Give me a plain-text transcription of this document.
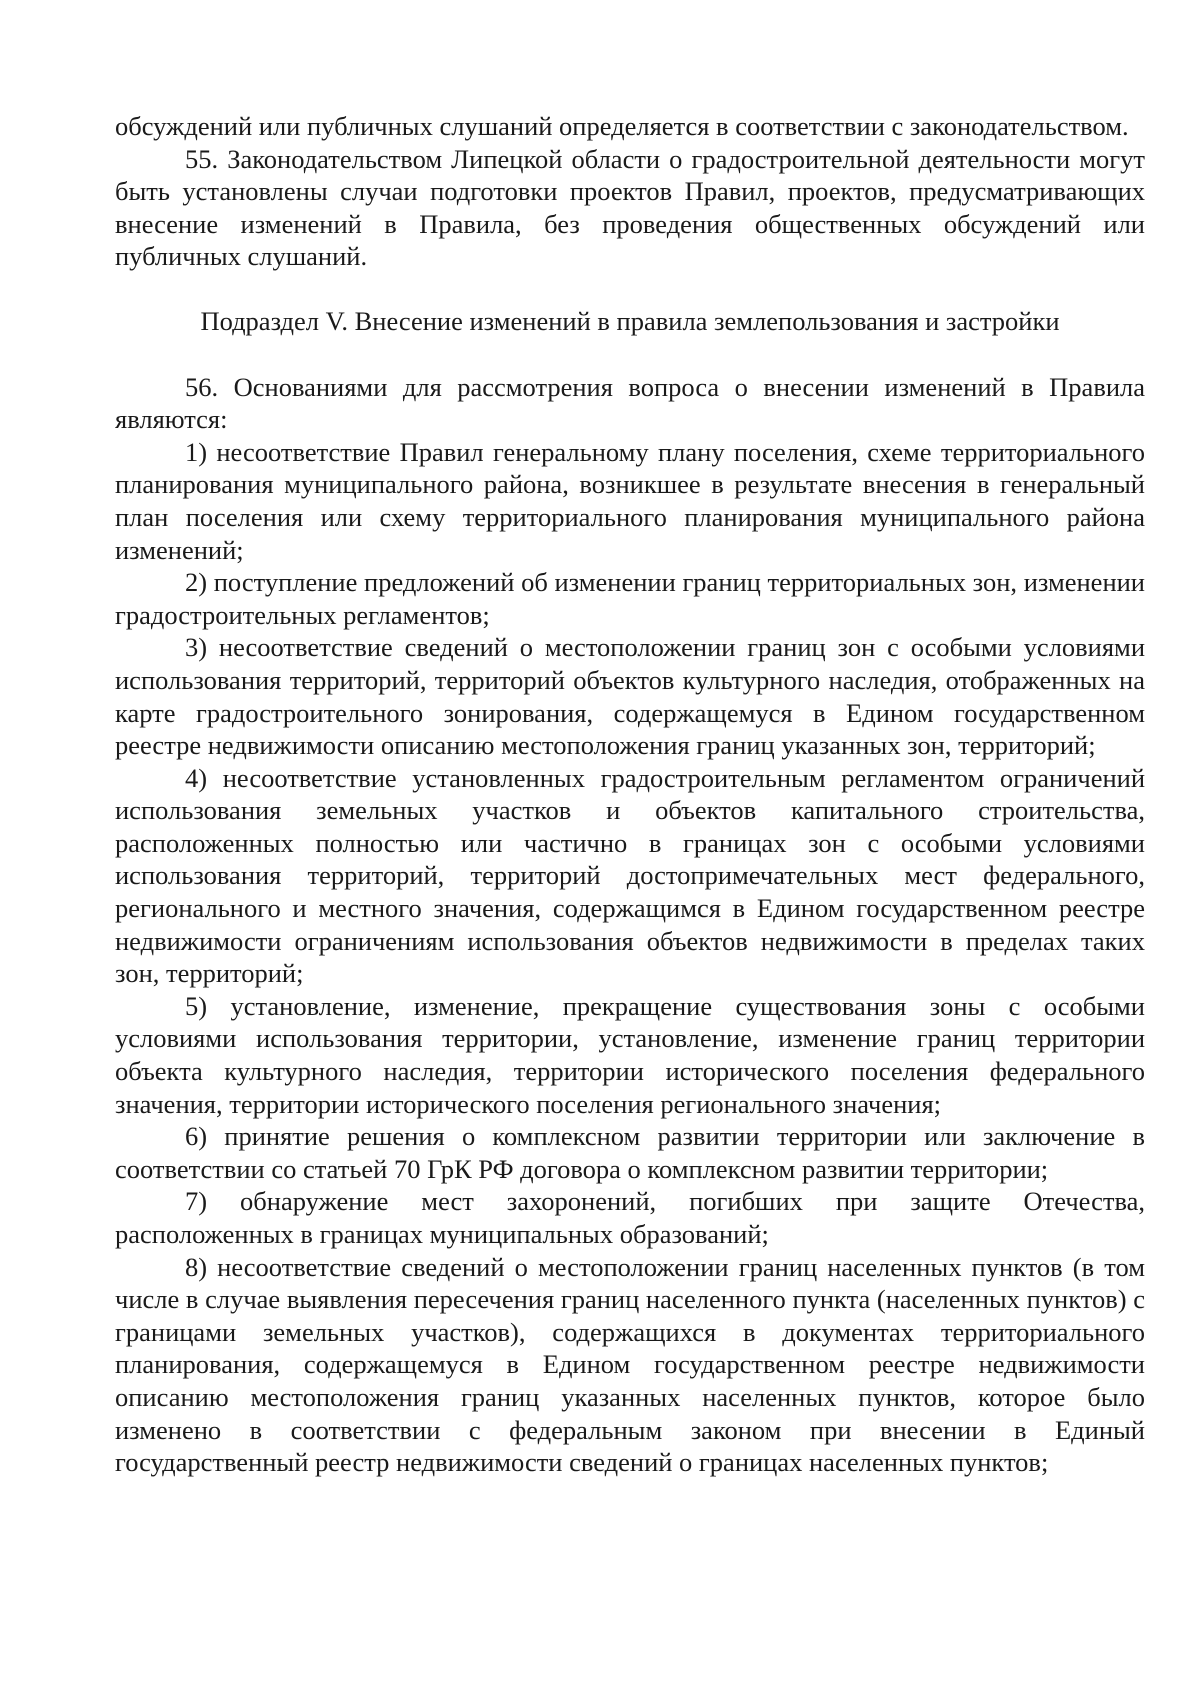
обсуждений или публичных слушаний определяется в соответствии с законодательством.

55. Законодательством Липецкой области о градостроительной деятельности могут быть установлены случаи подготовки проектов Правил, проектов, предусматривающих внесение изменений в Правила, без проведения общественных обсуждений или публичных слушаний.

Подраздел V. Внесение изменений в правила землепользования и застройки

56. Основаниями для рассмотрения вопроса о внесении изменений в Правила являются:

1) несоответствие Правил генеральному плану поселения, схеме территориального планирования муниципального района, возникшее в результате внесения в генеральный план поселения или схему территориального планирования муниципального района изменений;

2) поступление предложений об изменении границ территориальных зон, изменении градостроительных регламентов;

3) несоответствие сведений о местоположении границ зон с особыми условиями использования территорий, территорий объектов культурного наследия, отображенных на карте градостроительного зонирования, содержащемуся в Едином государственном реестре недвижимости описанию местоположения границ указанных зон, территорий;

4) несоответствие установленных градостроительным регламентом ограничений использования земельных участков и объектов капитального строительства, расположенных полностью или частично в границах зон с особыми условиями использования территорий, территорий достопримечательных мест федерального, регионального и местного значения, содержащимся в Едином государственном реестре недвижимости ограничениям использования объектов недвижимости в пределах таких зон, территорий;

5) установление, изменение, прекращение существования зоны с особыми условиями использования территории, установление, изменение границ территории объекта культурного наследия, территории исторического поселения федерального значения, территории исторического поселения регионального значения;

6) принятие решения о комплексном развитии территории или заключение в соответствии со статьей 70 ГрК РФ договора о комплексном развитии территории;

7) обнаружение мест захоронений, погибших при защите Отечества, расположенных в границах муниципальных образований;

8) несоответствие сведений о местоположении границ населенных пунктов (в том числе в случае выявления пересечения границ населенного пункта (населенных пунктов) с границами земельных участков), содержащихся в документах территориального планирования, содержащемуся в Едином государственном реестре недвижимости описанию местоположения границ указанных населенных пунктов, которое было изменено в соответствии с федеральным законом при внесении в Единый государственный реестр недвижимости сведений о границах населенных пунктов;
